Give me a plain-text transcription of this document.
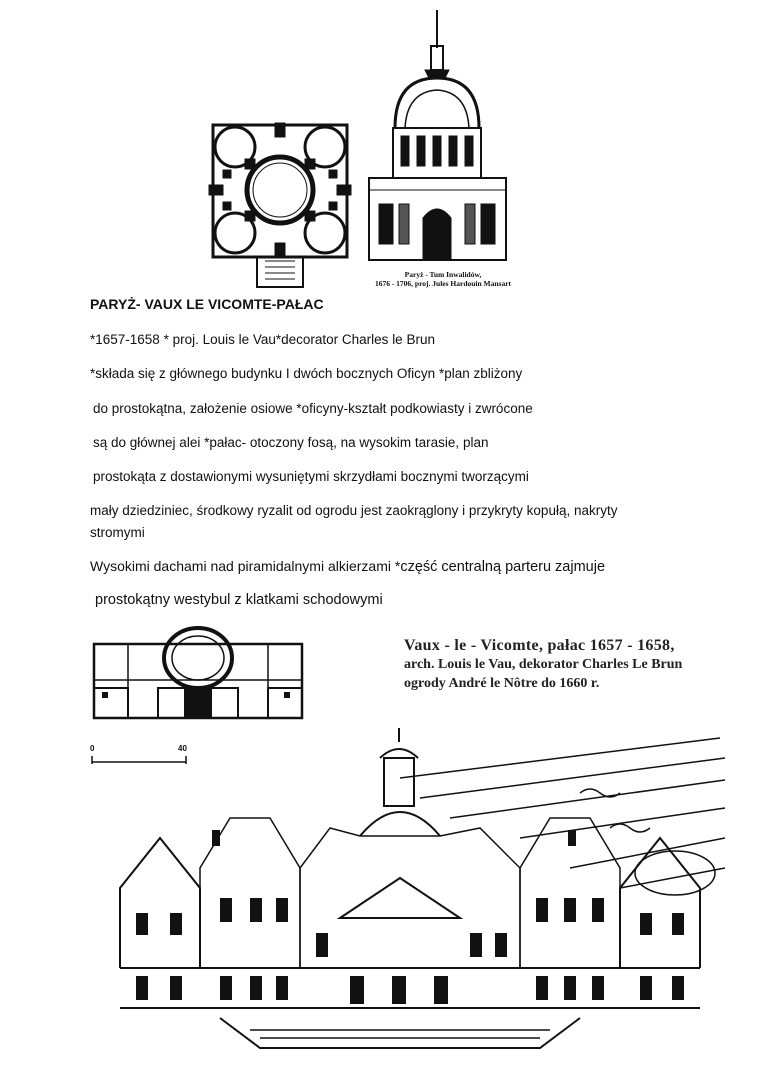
Paryż - Tum Inwalidów,
1676 - 1706, proj. Jules Hardouin Mansart
PARYŻ- VAUX LE VICOMTE-PAŁAC
*1657-1658 * proj. Louis le Vau*decorator Charles le Brun
*składa się z głównego budynku I dwóch bocznych Oficyn *plan zbliżony
do prostokątna, założenie osiowe *oficyny-kształt podkowiasty i zwrócone
są do głównej alei *pałac- otoczony fosą, na wysokim tarasie, plan
prostokąta z dostawionymi wysuniętymi skrzydłami bocznymi tworzącymi
mały dziedziniec, środkowy ryzalit od ogrodu jest zaokrąglony i przykryty kopułą, nakryty stromymi
Wysokimi dachami nad piramidalnymi alkierzami *część centralną parteru zajmuje
prostokątny westybul z klatkami schodowymi
0	40
Vaux - le - Vicomte, pałac 1657 - 1658,
arch. Louis le Vau, dekorator Charles Le Brun
ogrody André le Nôtre do 1660 r.
